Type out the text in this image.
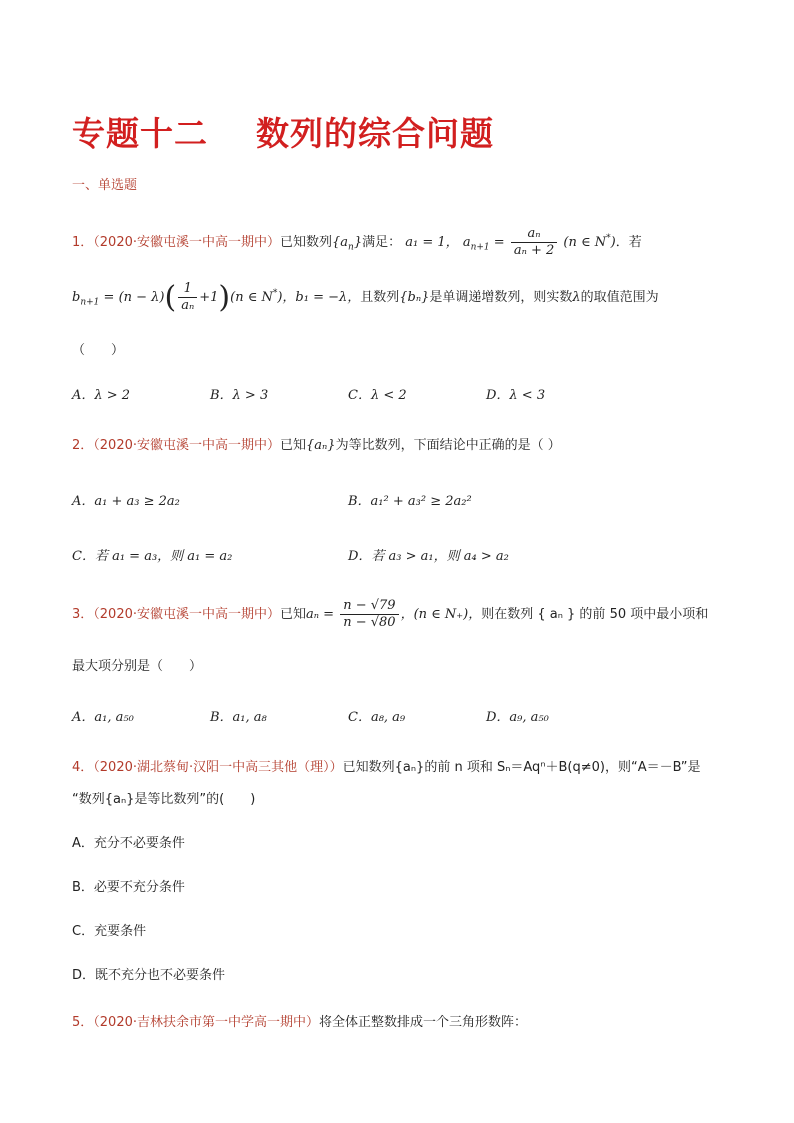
专题十二 数列的综合问题
一、单选题
1．（2020·安徽屯溪一中高一期中）已知数列$\{a_n\}$满足： a₁ = 1， $a_{n+1} = \frac{\text{aₙ}}{\text{aₙ + 2}} (n$ ∈ N*)．若
$b_{n+1} = (n - \lambda)( \frac{1}{\text{aₙ}} +1)(n$ ∈ N*)，b₁ = −λ，且数列{bₙ}是单调递增数列，则实数λ的取值范围为
（　　）
A．λ > 2	B．λ > 3	C．λ < 2	D．λ < 3
2．（2020·安徽屯溪一中高一期中）已知{aₙ}为等比数列，下面结论中正确的是（ ）
A．a₁ + a₃ ≥ 2a₂	B．a₁² + a₃² ≥ 2a₂²
C．若 a₁ = a₃，则 a₁ = a₂	D．若 a₃ > a₁，则 a₄ > a₂
3．（2020·安徽屯溪一中高一期中）已知$a_n = \frac{n - √79}{n - √80}$ ，(n ∈ N₊)，则在数列 { aₙ } 的前 50 项中最小项和
最大项分别是（　　）
A．a₁, a₅₀	B．a₁, a₈	C．a₈, a₉	D．a₉, a₅₀
4．（2020·湖北蔡甸·汉阳一中高三其他（理））已知数列{aₙ}的前 n 项和 Sₙ＝Aqⁿ＋B(q≠0)，则“A＝－B”是
“数列{aₙ}是等比数列”的(　　)
A．充分不必要条件
B．必要不充分条件
C．充要条件
D．既不充分也不必要条件
5．（2020·吉林扶余市第一中学高一期中）将全体正整数排成一个三角形数阵：
